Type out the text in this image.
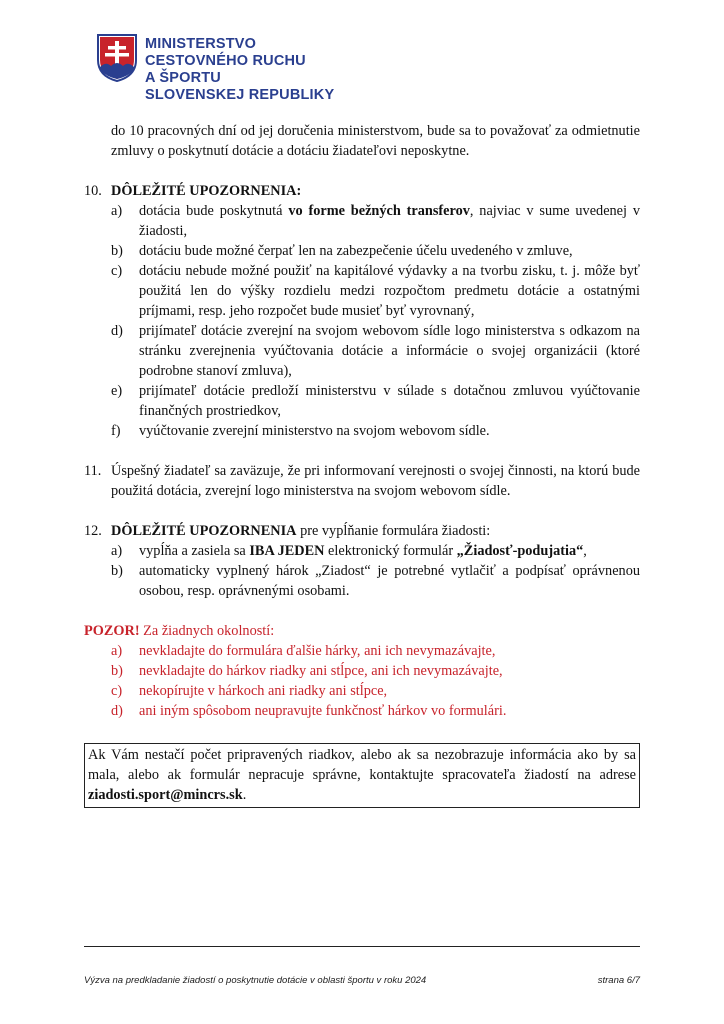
MINISTERSTVO
CESTOVNÉHO RUCHU
A ŠPORTU
SLOVENSKEJ REPUBLIKY

do 10 pracovných dní od jej doručenia ministerstvom, bude sa to považovať za odmietnutie zmluvy o poskytnutí dotácie a dotáciu žiadateľovi neposkytne.

10. DÔLEŽITÉ UPOZORNENIA:
a)	dotácia bude poskytnutá vo forme bežných transferov, najviac v sume uvedenej v žiadosti,
b)	dotáciu bude možné čerpať len na zabezpečenie účelu uvedeného v zmluve,
c)	dotáciu nebude možné použiť na kapitálové výdavky a na tvorbu zisku, t. j. môže byť použitá len do výšky rozdielu medzi rozpočtom predmetu dotácie a ostatnými príjmami, resp. jeho rozpočet bude musieť byť vyrovnaný,
d)	prijímateľ dotácie zverejní na svojom webovom sídle logo ministerstva s odkazom na stránku zverejnenia vyúčtovania dotácie a informácie o svojej organizácii (ktoré podrobne stanoví zmluva),
e)	prijímateľ dotácie predloží ministerstvu v súlade s dotačnou zmluvou vyúčtovanie finančných prostriedkov,
f)	vyúčtovanie zverejní ministerstvo na svojom webovom sídle.
11. Úspešný žiadateľ sa zaväzuje, že pri informovaní verejnosti o svojej činnosti, na ktorú bude použitá dotácia, zverejní logo ministerstva na svojom webovom sídle.
12. DÔLEŽITÉ UPOZORNENIA pre vypĺňanie formulára žiadosti:
a)	vypĺňa a zasiela sa IBA JEDEN elektronický formulár „Žiadosť-podujatia“,
b)	automaticky vyplnený hárok „Ziadost“ je potrebné vytlačiť a podpísať oprávnenou osobou, resp. oprávnenými osobami.

POZOR! Za žiadnych okolností:

a)	nevkladajte do formulára ďalšie hárky, ani ich nevymazávajte,
b)	nevkladajte do hárkov riadky ani stĺpce, ani ich nevymazávajte,
c)	nekopírujte v hárkoch ani riadky ani stĺpce,
d)	ani iným spôsobom neupravujte funkčnosť hárkov vo formulári.
Ak Vám nestačí počet pripravených riadkov, alebo ak sa nezobrazuje informácia ako by sa mala, alebo ak formulár nepracuje správne, kontaktujte spracovateľa žiadostí na adrese ziadosti.sport@mincrs.sk.
Výzva na predkladanie žiadostí o poskytnutie dotácie v oblasti športu v roku 2024	strana 6/7
